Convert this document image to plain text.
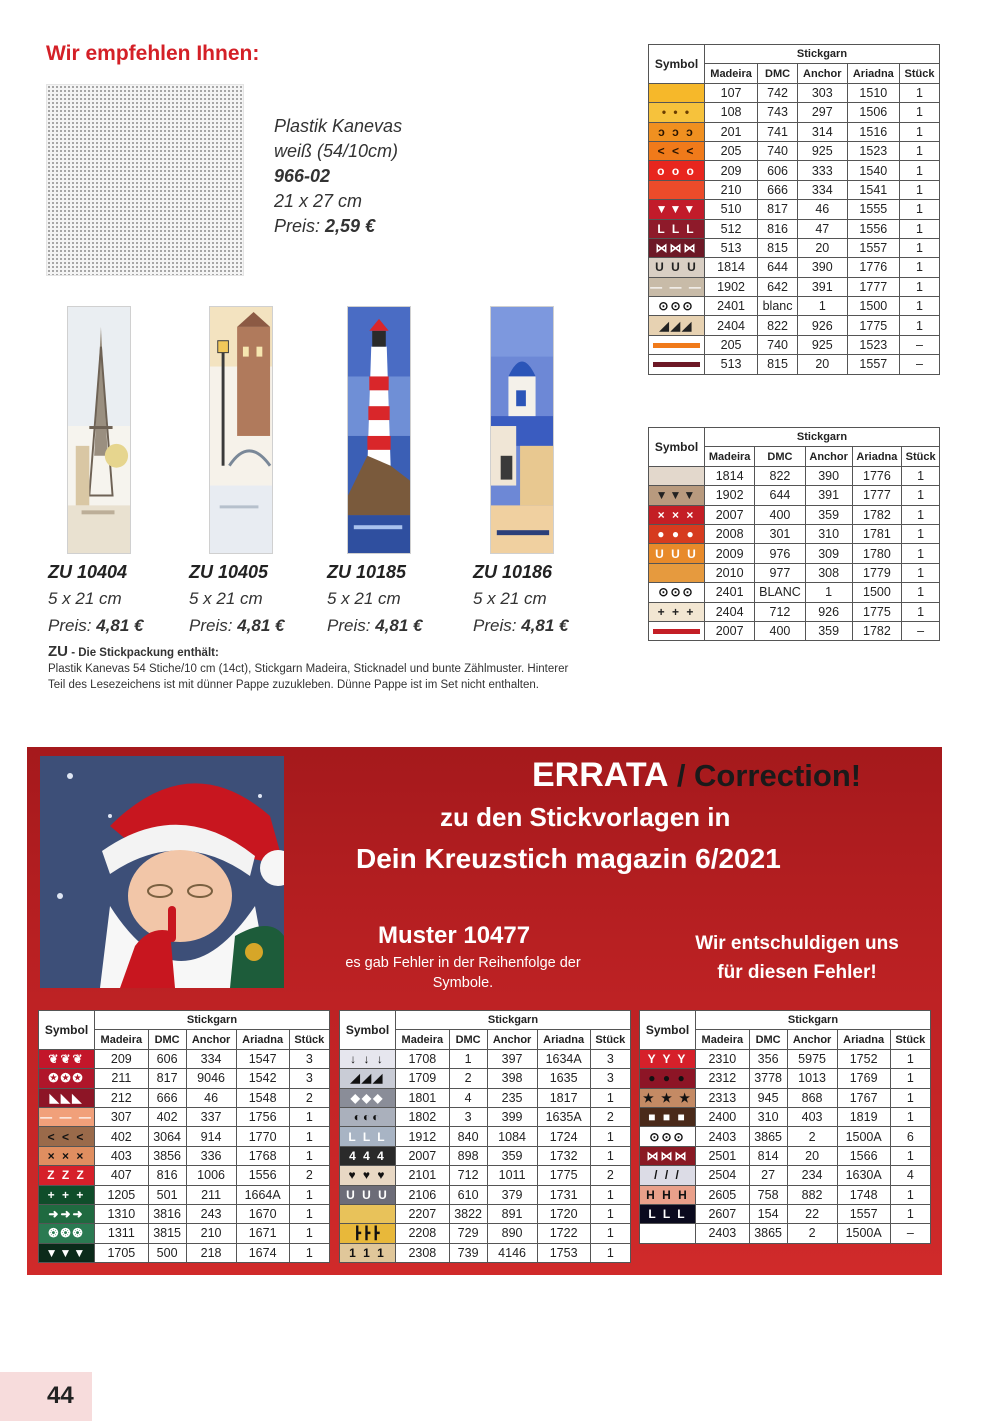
Wir empfehlen Ihnen:
Plastik Kanevas
weiß (54/10cm)
966-02
21 x 27 cm
Preis: 2,59 €
ZU 10404
5 x 21 cm
Preis: 4,81 €
ZU 10405
5 x 21 cm
Preis: 4,81 €
ZU 10185
5 x 21 cm
Preis: 4,81 €
ZU 10186
5 x 21 cm
Preis: 4,81 €
ZU - Die Stickpackung enthält:
Plastik Kanevas 54 Stiche/10 cm (14ct), Stickgarn Madeira, Sticknadel und bunte Zählmuster. Hinterer Teil des Lesezeichens ist mit dünner Pappe zuzukleben. Dünne Pappe ist im Set nicht enthalten.
Symbol	Stickgarn				
	Madeira	DMC	Anchor	Ariadna	Stück
	107	742	303	1510	1
• • •	108	743	297	1506	1
ɔ ɔ ɔ	201	741	314	1516	1
< < <	205	740	925	1523	1
o o o	209	606	333	1540	1
	210	666	334	1541	1
▼▼▼	510	817	46	1555	1
L L L	512	816	47	1556	1
⋈⋈⋈	513	815	20	1557	1
U U U	1814	644	390	1776	1
— — —	1902	642	391	1777	1
⊙⊙⊙	2401	blanc	1	1500	1
◢◢◢	2404	822	926	1775	1

	205	740	925	1523	–

	513	815	20	1557	–
Symbol	Stickgarn				
	Madeira	DMC	Anchor	Ariadna	Stück
	1814	822	390	1776	1
▼▼▼	1902	644	391	1777	1
× × ×	2007	400	359	1782	1
● ● ●	2008	301	310	1781	1
U U U	2009	976	309	1780	1
	2010	977	308	1779	1
⊙⊙⊙	2401	BLANC	1	1500	1
+ + +	2404	712	926	1775	1

	2007	400	359	1782	–
ERRATA / Correction!
zu den Stickvorlagen in
Dein Kreuzstich magazin 6/2021
Muster 10477
es gab Fehler in der Reihenfolge der Symbole.
Wir entschuldigen uns
für diesen Fehler!
Symbol	Stickgarn				
	Madeira	DMC	Anchor	Ariadna	Stück
❦❦❦	209	606	334	1547	3
✪✪✪	211	817	9046	1542	3
◣◣◣	212	666	46	1548	2
— — —	307	402	337	1756	1
< < <	402	3064	914	1770	1
× × ×	403	3856	336	1768	1
Z Z Z	407	816	1006	1556	2
+ + +	1205	501	211	1664A	1
➜➜➜	1310	3816	243	1670	1
❂❂❂	1311	3815	210	1671	1
▼▼▼	1705	500	218	1674	1
Symbol	Stickgarn				
	Madeira	DMC	Anchor	Ariadna	Stück
↓ ↓ ↓	1708	1	397	1634A	3
◢◢◢	1709	2	398	1635	3
◆◆◆	1801	4	235	1817	1
◐◐◐	1802	3	399	1635A	2
L L L	1912	840	1084	1724	1
4 4 4	2007	898	359	1732	1
♥ ♥ ♥	2101	712	1011	1775	2
U U U	2106	610	379	1731	1
	2207	3822	891	1720	1
┣┣┣	2208	729	890	1722	1
1 1 1	2308	739	4146	1753	1
Symbol	Stickgarn				
	Madeira	DMC	Anchor	Ariadna	Stück
Y Y Y	2310	356	5975	1752	1
● ● ●	2312	3778	1013	1769	1
★ ★ ★	2313	945	868	1767	1
■ ■ ■	2400	310	403	1819	1
⊙⊙⊙	2403	3865	2	1500A	6
⋈⋈⋈	2501	814	20	1566	1
/ / /	2504	27	234	1630A	4
H H H	2605	758	882	1748	1
L L L	2607	154	22	1557	1

	2403	3865	2	1500A	–
44
